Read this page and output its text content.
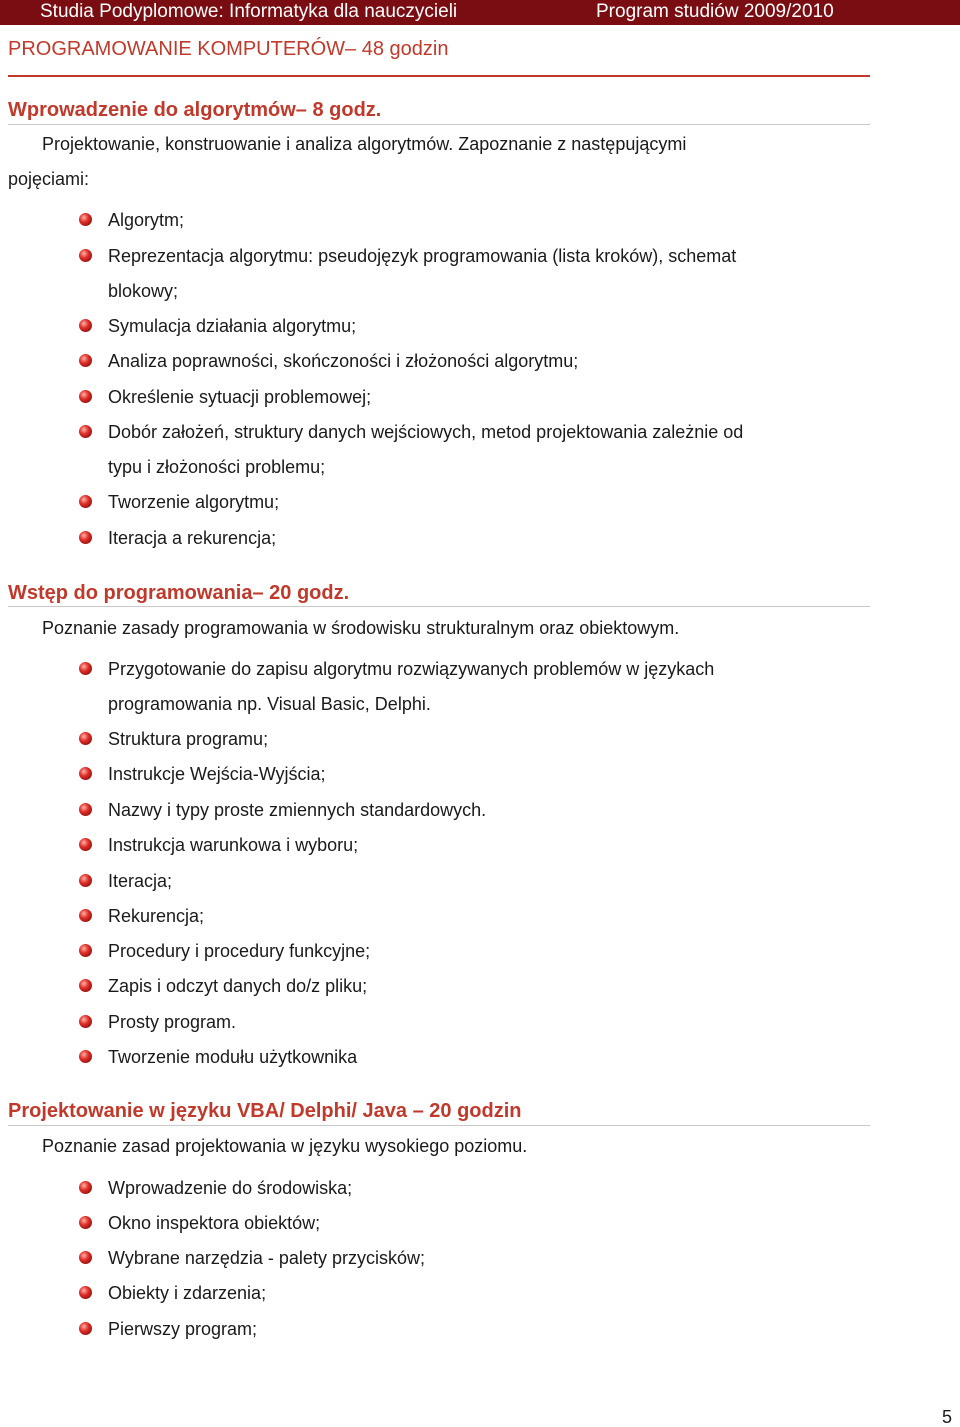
Studia Podyplomowe: Informatyka dla nauczycieli	Program studiów 2009/2010
PROGRAMOWANIE KOMPUTERÓW– 48 godzin
Wprowadzenie do algorytmów– 8 godz.
Projektowanie, konstruowanie i analiza algorytmów. Zapoznanie z następującymi
pojęciami:
Algorytm;
Reprezentacja algorytmu: pseudojęzyk programowania (lista kroków), schemat
blokowy;
Symulacja działania algorytmu;
Analiza poprawności, skończoności i złożoności algorytmu;
Określenie sytuacji problemowej;
Dobór założeń, struktury danych wejściowych, metod projektowania zależnie od
typu i złożoności problemu;
Tworzenie algorytmu;
Iteracja a rekurencja;
Wstęp do programowania– 20 godz.
Poznanie zasady programowania w środowisku strukturalnym oraz obiektowym.
Przygotowanie do zapisu algorytmu rozwiązywanych problemów w językach
programowania np. Visual Basic, Delphi.
Struktura programu;
Instrukcje Wejścia-Wyjścia;
Nazwy i typy proste zmiennych standardowych.
Instrukcja warunkowa i wyboru;
Iteracja;
Rekurencja;
Procedury i procedury funkcyjne;
Zapis i odczyt danych do/z pliku;
Prosty program.
Tworzenie modułu użytkownika
Projektowanie w języku VBA/ Delphi/ Java – 20 godzin
Poznanie zasad projektowania w języku wysokiego poziomu.
Wprowadzenie do środowiska;
Okno inspektora obiektów;
Wybrane narzędzia - palety przycisków;
Obiekty i zdarzenia;
Pierwszy program;
5
